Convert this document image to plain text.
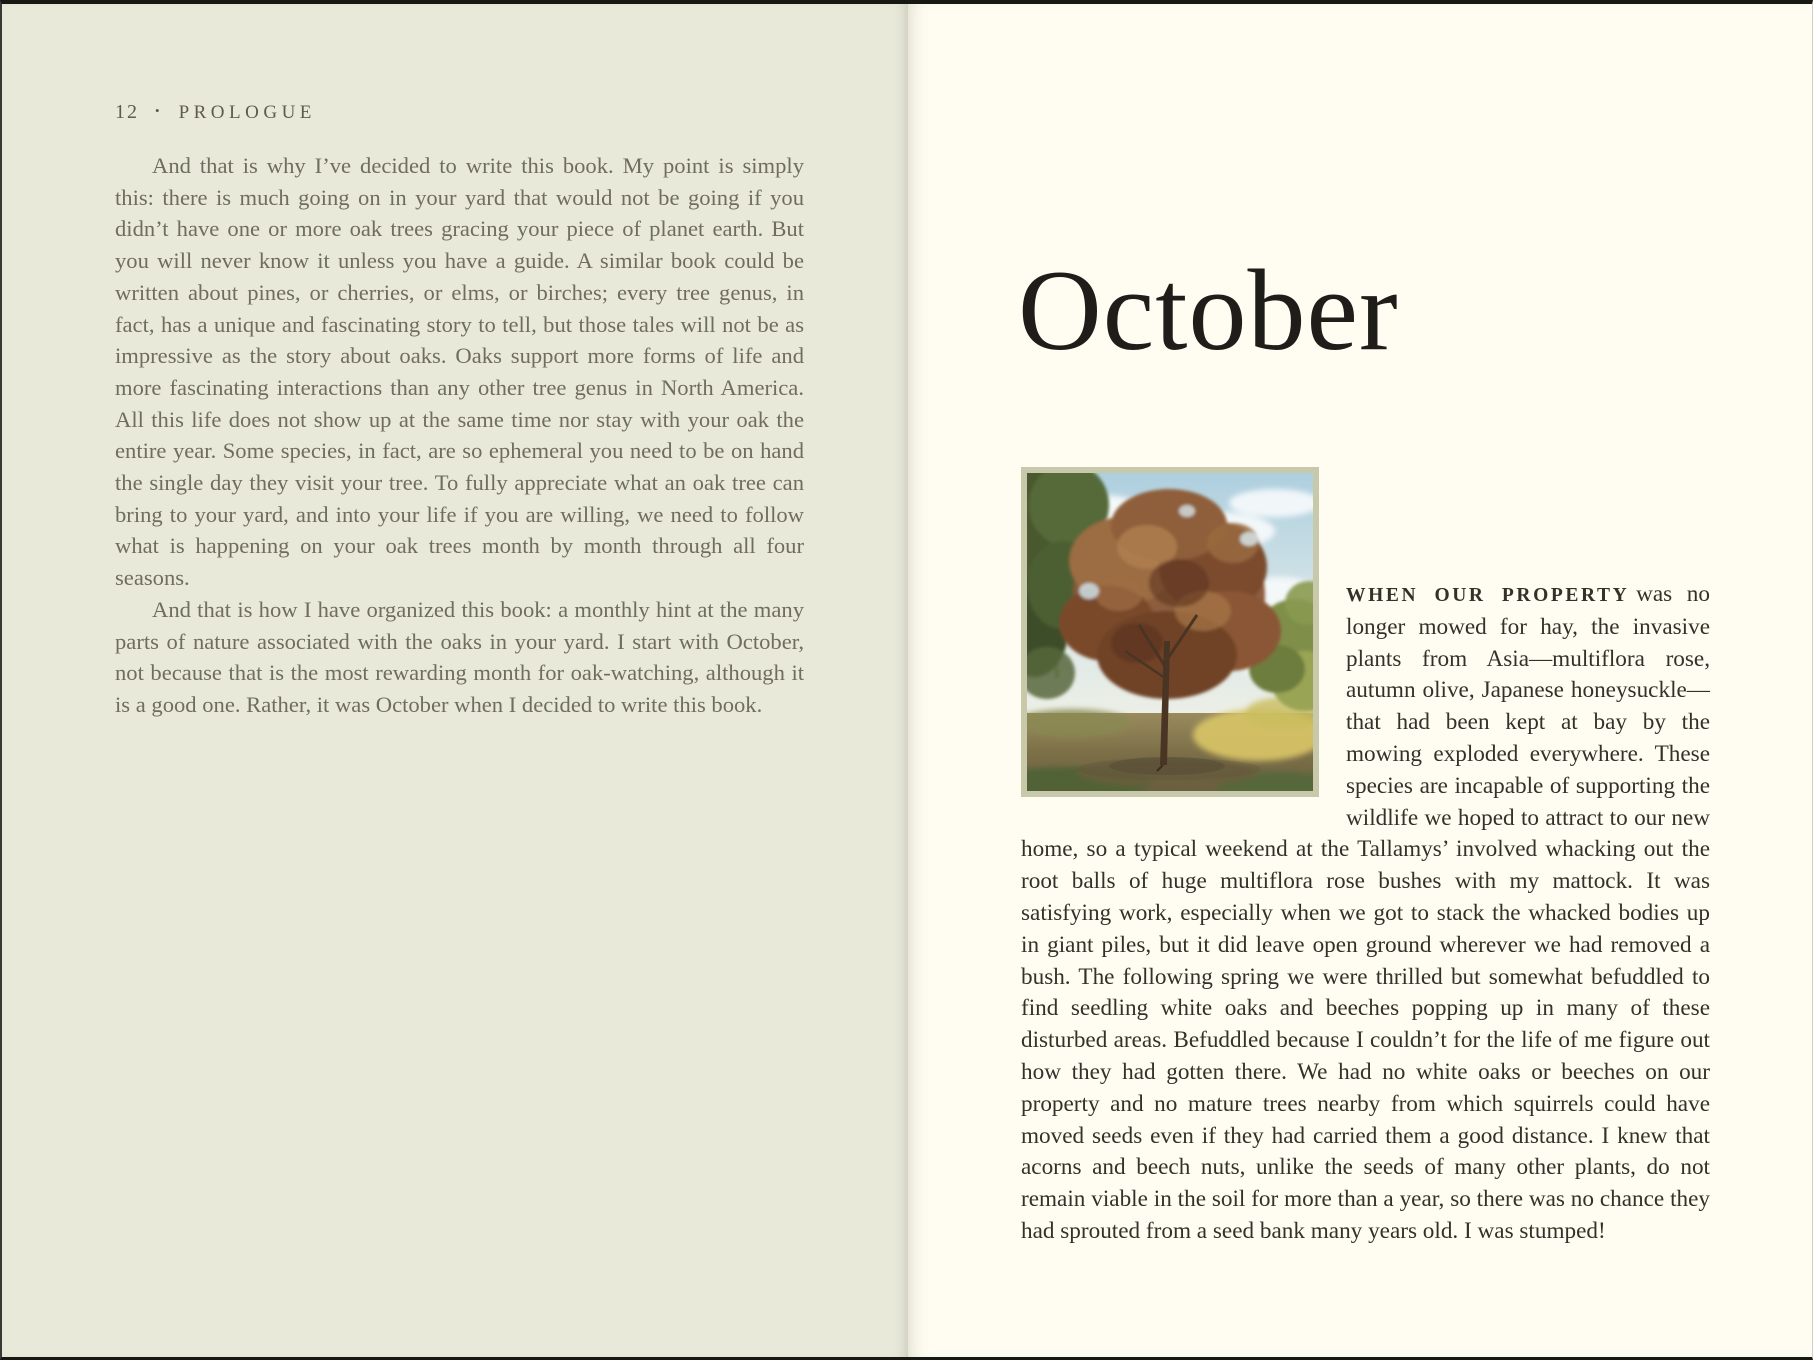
12 • PROLOGUE

And that is why I’ve decided to write this book. My point is simply this: there is much going on in your yard that would not be going if you didn’t have one or more oak trees gracing your piece of planet earth. But you will never know it unless you have a guide. A similar book could be written about pines, or cherries, or elms, or birches; every tree genus, in fact, has a unique and fascinating story to tell, but those tales will not be as impressive as the story about oaks. Oaks support more forms of life and more fascinating interactions than any other tree genus in North America. All this life does not show up at the same time nor stay with your oak the entire year. Some species, in fact, are so ephemeral you need to be on hand the single day they visit your tree. To fully appreciate what an oak tree can bring to your yard, and into your life if you are willing, we need to follow what is happening on your oak trees month by month through all four seasons.

And that is how I have organized this book: a monthly hint at the many parts of nature associated with the oaks in your yard. I start with October, not because that is the most rewarding month for oak-watching, although it is a good one. Rather, it was October when I decided to write this book.

October

WHEN OUR PROPERTY was no longer mowed for hay, the invasive plants from Asia—multiflora rose, autumn olive, Japanese honeysuckle—that had been kept at bay by the mowing exploded everywhere. These species are incapable of supporting the wildlife we hoped to attract to our new home, so a typical weekend at the Tallamys’ involved whacking out the root balls of huge multiflora rose bushes with my mattock. It was satisfying work, especially when we got to stack the whacked bodies up in giant piles, but it did leave open ground wherever we had removed a bush. The following spring we were thrilled but somewhat befuddled to find seedling white oaks and beeches popping up in many of these disturbed areas. Befuddled because I couldn’t for the life of me figure out how they had gotten there. We had no white oaks or beeches on our property and no mature trees nearby from which squirrels could have moved seeds even if they had carried them a good distance. I knew that acorns and beech nuts, unlike the seeds of many other plants, do not remain viable in the soil for more than a year, so there was no chance they had sprouted from a seed bank many years old. I was stumped!
